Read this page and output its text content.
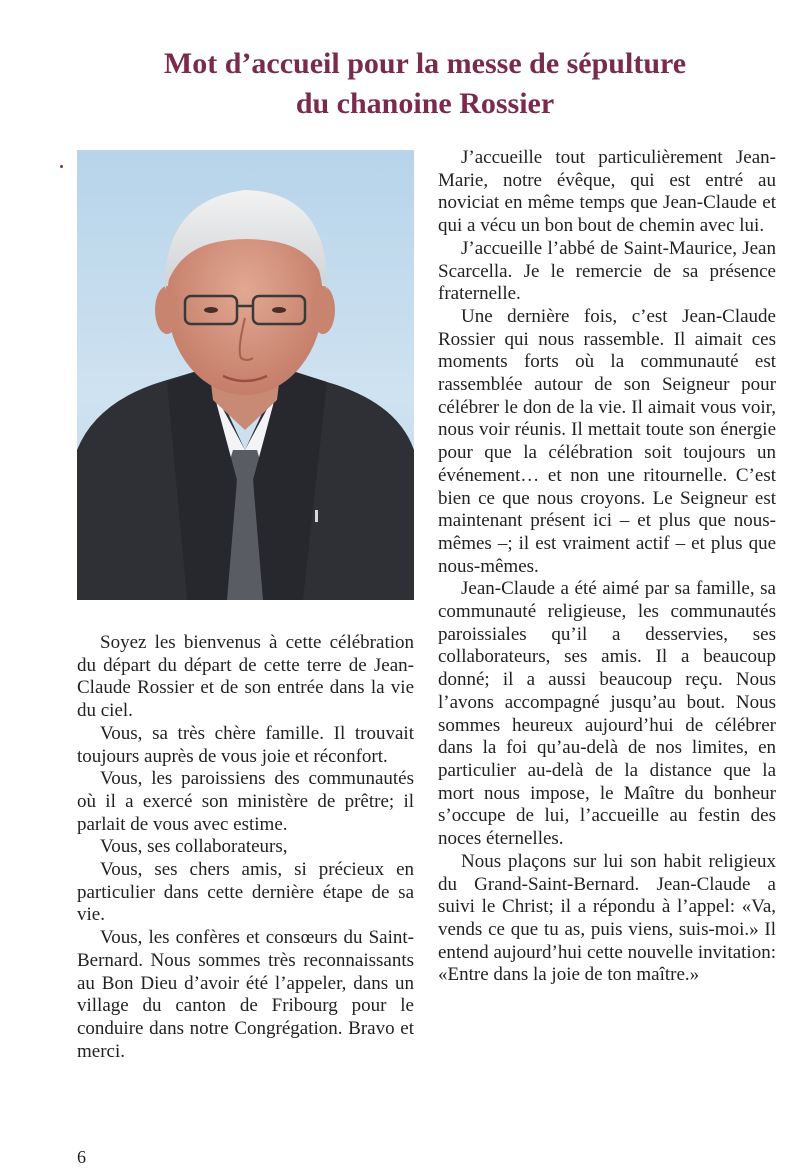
Mot d’accueil pour la messe de sépulture
du chanoine Rossier

Soyez les bienvenus à cette célébration du départ du départ de cette terre de Jean-Claude Rossier et de son entrée dans la vie du ciel.

Vous, sa très chère famille. Il trouvait toujours auprès de vous joie et réconfort.

Vous, les paroissiens des communautés où il a exercé son ministère de prêtre; il parlait de vous avec estime.

Vous, ses collaborateurs,

Vous, ses chers amis, si précieux en particulier dans cette dernière étape de sa vie.

Vous, les confères et consœurs du Saint-Bernard. Nous sommes très reconnaissants au Bon Dieu d’avoir été l’appeler, dans un village du canton de Fribourg pour le conduire dans notre Congrégation. Bravo et merci.

J’accueille tout particulièrement Jean-Marie, notre évêque, qui est entré au noviciat en même temps que Jean-Claude et qui a vécu un bon bout de chemin avec lui.

J’accueille l’abbé de Saint-Maurice, Jean Scarcella. Je le remercie de sa présence fraternelle.

Une dernière fois, c’est Jean-Claude Rossier qui nous rassemble. Il aimait ces moments forts où la communauté est rassemblée autour de son Seigneur pour célébrer le don de la vie. Il aimait vous voir, nous voir réunis. Il mettait toute son énergie pour que la célébration soit toujours un événement… et non une ritournelle. C’est bien ce que nous croyons. Le Seigneur est maintenant présent ici – et plus que nous-mêmes –; il est vraiment actif – et plus que nous-mêmes.

Jean-Claude a été aimé par sa famille, sa communauté religieuse, les communautés paroissiales qu’il a desservies, ses collaborateurs, ses amis. Il a beaucoup donné; il a aussi beaucoup reçu. Nous l’avons accompagné jusqu’au bout. Nous sommes heureux aujourd’hui de célébrer dans la foi qu’au-delà de nos limites, en particulier au-delà de la distance que la mort nous impose, le Maître du bonheur s’occupe de lui, l’accueille au festin des noces éternelles.

Nous plaçons sur lui son habit religieux du Grand-Saint-Bernard. Jean-Claude a suivi le Christ; il a répondu à l’appel: «Va, vends ce que tu as, puis viens, suis-moi.» Il entend aujourd’hui cette nouvelle invitation: «Entre dans la joie de ton maître.»

6
